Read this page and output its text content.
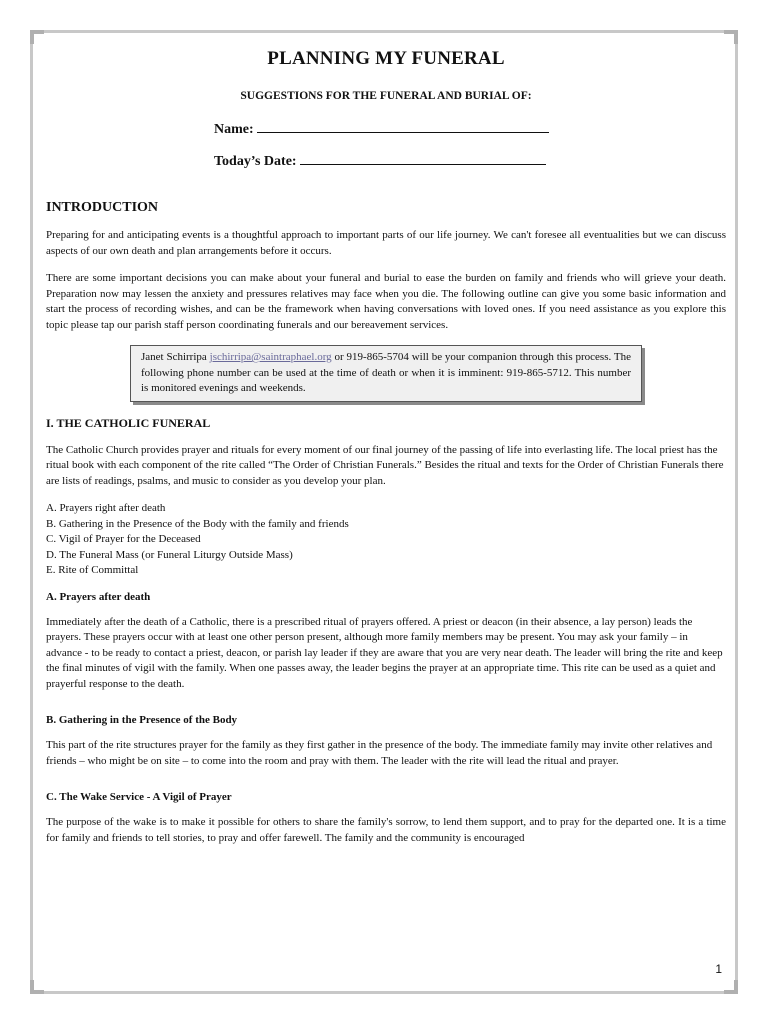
PLANNING MY FUNERAL
SUGGESTIONS FOR THE FUNERAL AND BURIAL OF:
Name:
Today’s Date:
INTRODUCTION

Preparing for and anticipating events is a thoughtful approach to important parts of our life journey. We can't foresee all eventualities but we can discuss aspects of our own death and plan arrangements before it occurs.

There are some important decisions you can make about your funeral and burial to ease the burden on family and friends who will grieve your death. Preparation now may lessen the anxiety and pressures relatives may face when you die. The following outline can give you some basic information and start the process of recording wishes, and can be the framework when having conversations with loved ones. If you need assistance as you explore this topic please tap our parish staff person coordinating funerals and our bereavement services.

Janet Schirripa jschirripa@saintraphael.org or 919-865-5704 will be your companion through this process. The following phone number can be used at the time of death or when it is imminent: 919-865-5712. This number is monitored evenings and weekends.

I. THE CATHOLIC FUNERAL

The Catholic Church provides prayer and rituals for every moment of our final journey of the passing of life into everlasting life. The local priest has the ritual book with each component of the rite called “The Order of Christian Funerals.” Besides the ritual and texts for the Order of Christian Funerals there are lists of readings, psalms, and music to consider as you develop your plan.

A. Prayers right after death
B. Gathering in the Presence of the Body with the family and friends
C. Vigil of Prayer for the Deceased
D. The Funeral Mass (or Funeral Liturgy Outside Mass)
E. Rite of Committal
A. Prayers after death

Immediately after the death of a Catholic, there is a prescribed ritual of prayers offered. A priest or deacon (in their absence, a lay person) leads the prayers. These prayers occur with at least one other person present, although more family members may be present. You may ask your family – in advance - to be ready to contact a priest, deacon, or parish lay leader if they are aware that you are very near death. The leader will bring the rite and keep the final minutes of vigil with the family. When one passes away, the leader begins the prayer at an appropriate time. This rite can be used as a quiet and prayerful response to the death.

B. Gathering in the Presence of the Body

This part of the rite structures prayer for the family as they first gather in the presence of the body. The immediate family may invite other relatives and friends – who might be on site – to come into the room and pray with them. The leader with the rite will lead the ritual and prayer.

C. The Wake Service - A Vigil of Prayer

The purpose of the wake is to make it possible for others to share the family's sorrow, to lend them support, and to pray for the departed one. It is a time for family and friends to tell stories, to pray and offer farewell. The family and the community is encouraged

1
